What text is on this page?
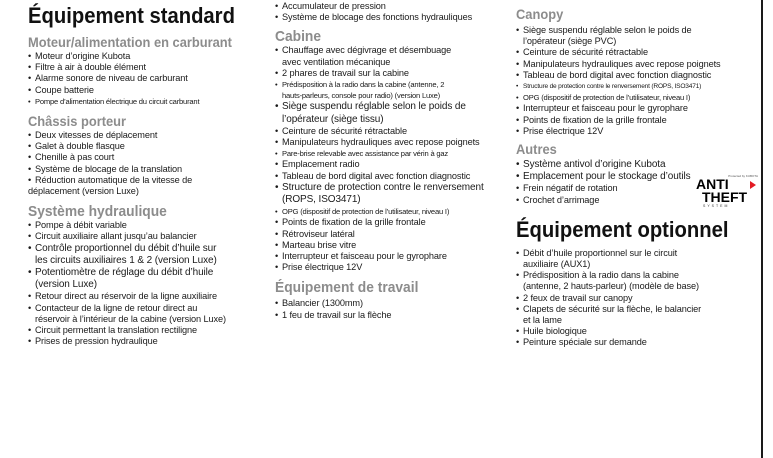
Équipement standard
Moteur/alimentation en carburant
• Moteur d’origine Kubota
• Filtre à air à double élément
• Alarme sonore de niveau de carburant
• Coupe batterie
• Pompe d’alimentation électrique du circuit carburant
Châssis porteur
• Deux vitesses de déplacement
• Galet à double flasque
• Chenille à pas court
• Système de blocage de la translation
• Réduction automatique de la vitesse de
déplacement (version Luxe)
Système hydraulique
• Pompe à débit variable
• Circuit auxiliaire allant jusqu’au balancier
• Contrôle proportionnel du débit d’huile sur
les circuits auxiliaires 1 & 2 (version Luxe)
• Potentiomètre de réglage du débit d’huile
(version Luxe)
• Retour direct au réservoir de la ligne auxiliaire
• Contacteur de la ligne de retour direct au
réservoir à l’intérieur de la cabine (version Luxe)
• Circuit permettant la translation rectiligne
• Prises de pression hydraulique
• Accumulateur de pression
• Système de blocage des fonctions hydrauliques
Cabine
• Chauffage avec dégivrage et désembuage
avec ventilation mécanique
• 2 phares de travail sur la cabine
• Prédisposition à la radio dans la cabine (antenne, 2
hauts-parleurs, console pour radio) (version Luxe)
• Siège suspendu réglable selon le poids de
l’opérateur (siège tissu)
• Ceinture de sécurité rétractable
• Manipulateurs hydrauliques avec repose poignets
• Pare-brise relevable avec assistance par vérin à gaz
• Emplacement radio
• Tableau de bord digital avec fonction diagnostic
• Structure de protection contre le renversement
(ROPS, ISO3471)
• OPG (dispositif de protection de l’utilisateur, niveau I)
• Points de fixation de la grille frontale
• Rétroviseur latéral
• Marteau brise vitre
• Interrupteur et faisceau pour le gyrophare
• Prise électrique 12V
Équipement de travail
• Balancier (1300mm)
• 1 feu de travail sur la flèche
Canopy
• Siège suspendu réglable selon le poids de
l’opérateur (siège PVC)
• Ceinture de sécurité rétractable
• Manipulateurs hydrauliques avec repose poignets
• Tableau de bord digital avec fonction diagnostic
• Structure de protection contre le renversement (ROPS, ISO3471)
• OPG (dispositif de protection de l’utilisateur, niveau I)
• Interrupteur et faisceau pour le gyrophare
• Points de fixation de la grille frontale
• Prise électrique 12V
Autres
• Système antivol d’origine Kubota
• Emplacement pour le stockage d’outils
• Frein négatif de rotation
• Crochet d’arrimage
Équipement optionnel
• Débit d’huile proportionnel sur le circuit
auxiliaire (AUX1)
• Prédisposition à la radio dans la cabine
(antenne, 2 hauts-parleur) (modèle de base)
• 2 feux de travail sur canopy
• Clapets de sécurité sur la flèche, le balancier
et la lame
• Huile biologique
• Peinture spéciale sur demande
Protected by KUBOTA
ANTI
THEFT
SYSTEM
